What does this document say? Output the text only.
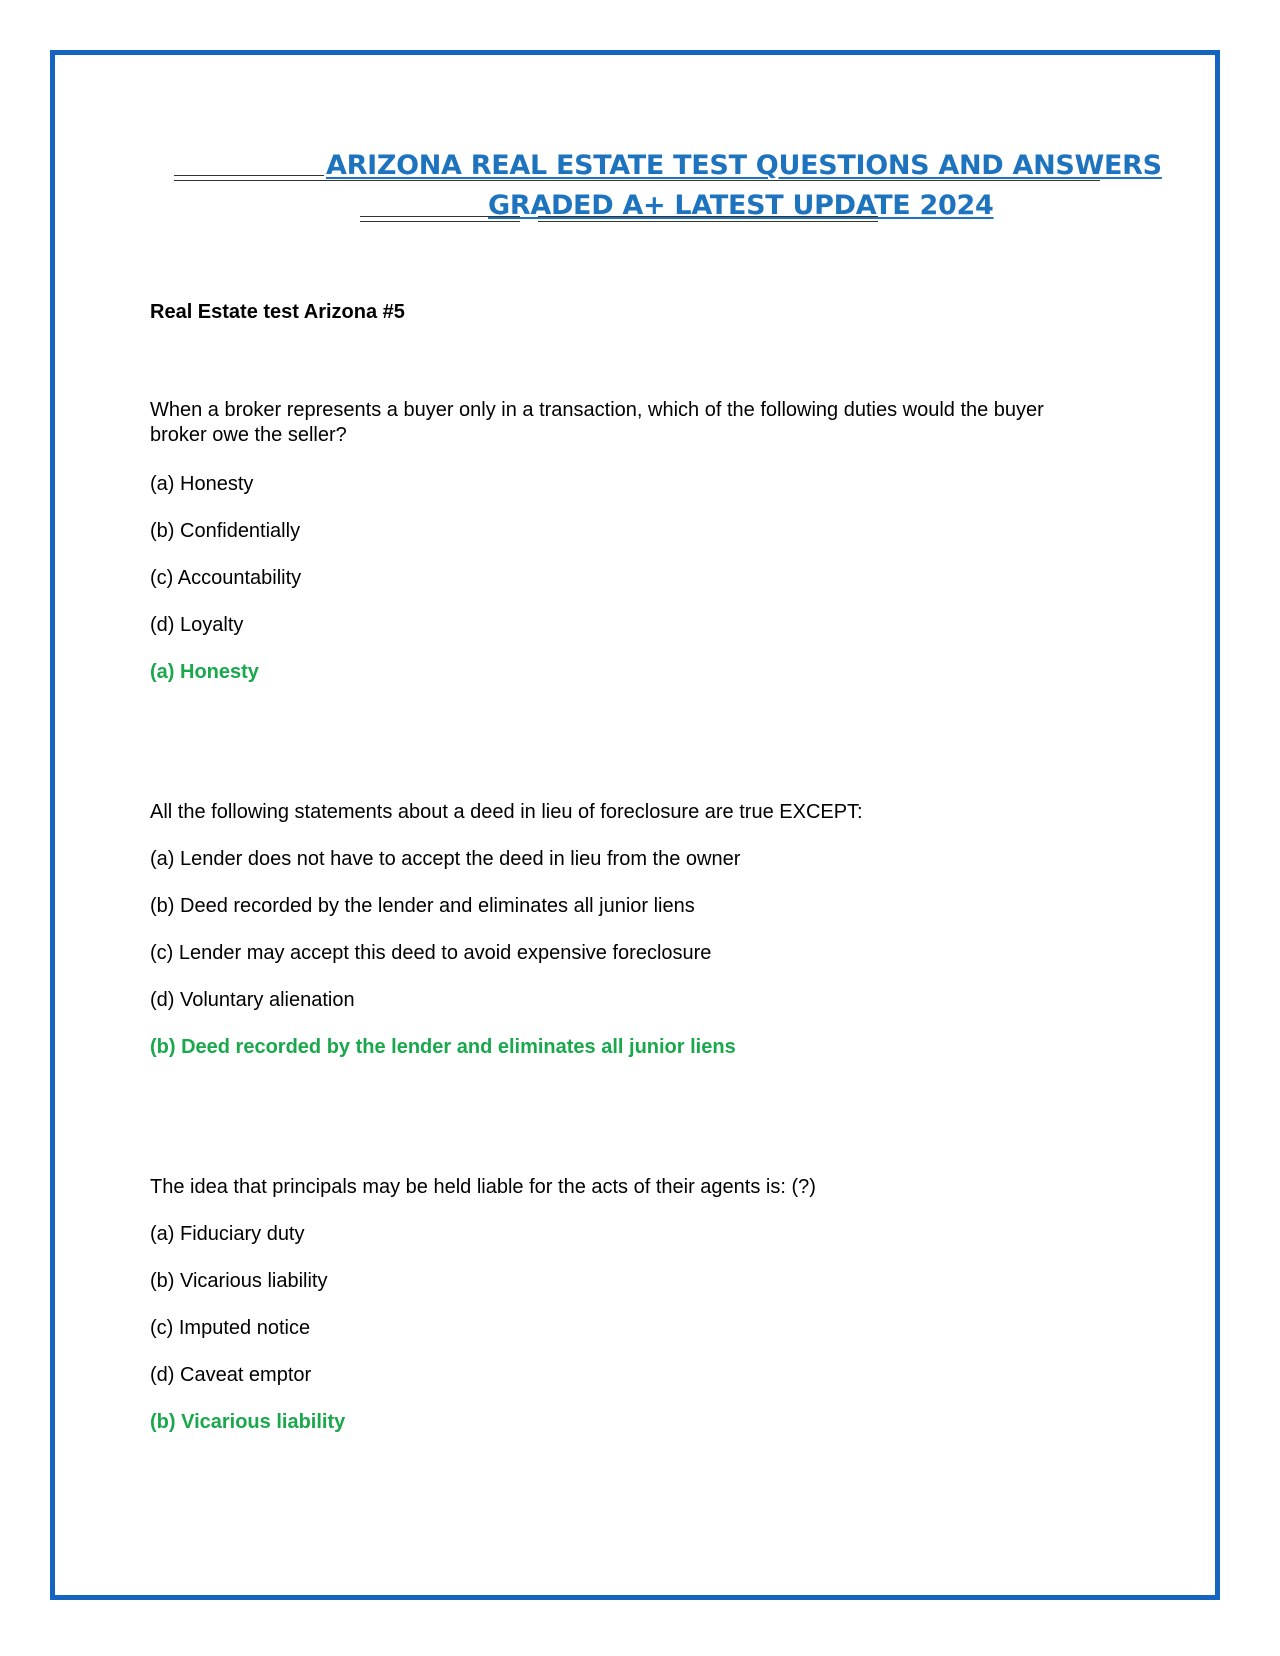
ARIZONA REAL ESTATE TEST QUESTIONS AND ANSWERS
GRADED A+ LATEST UPDATE 2024
Real Estate test Arizona #5
When a broker represents a buyer only in a transaction, which of the following duties would the buyer broker owe the seller?
(a) Honesty
(b) Confidentially
(c) Accountability
(d) Loyalty
(a) Honesty
All the following statements about a deed in lieu of foreclosure are true EXCEPT:
(a) Lender does not have to accept the deed in lieu from the owner
(b) Deed recorded by the lender and eliminates all junior liens
(c) Lender may accept this deed to avoid expensive foreclosure
(d) Voluntary alienation
(b) Deed recorded by the lender and eliminates all junior liens
The idea that principals may be held liable for the acts of their agents is: (?)
(a) Fiduciary duty
(b) Vicarious liability
(c) Imputed notice
(d) Caveat emptor
(b) Vicarious liability
